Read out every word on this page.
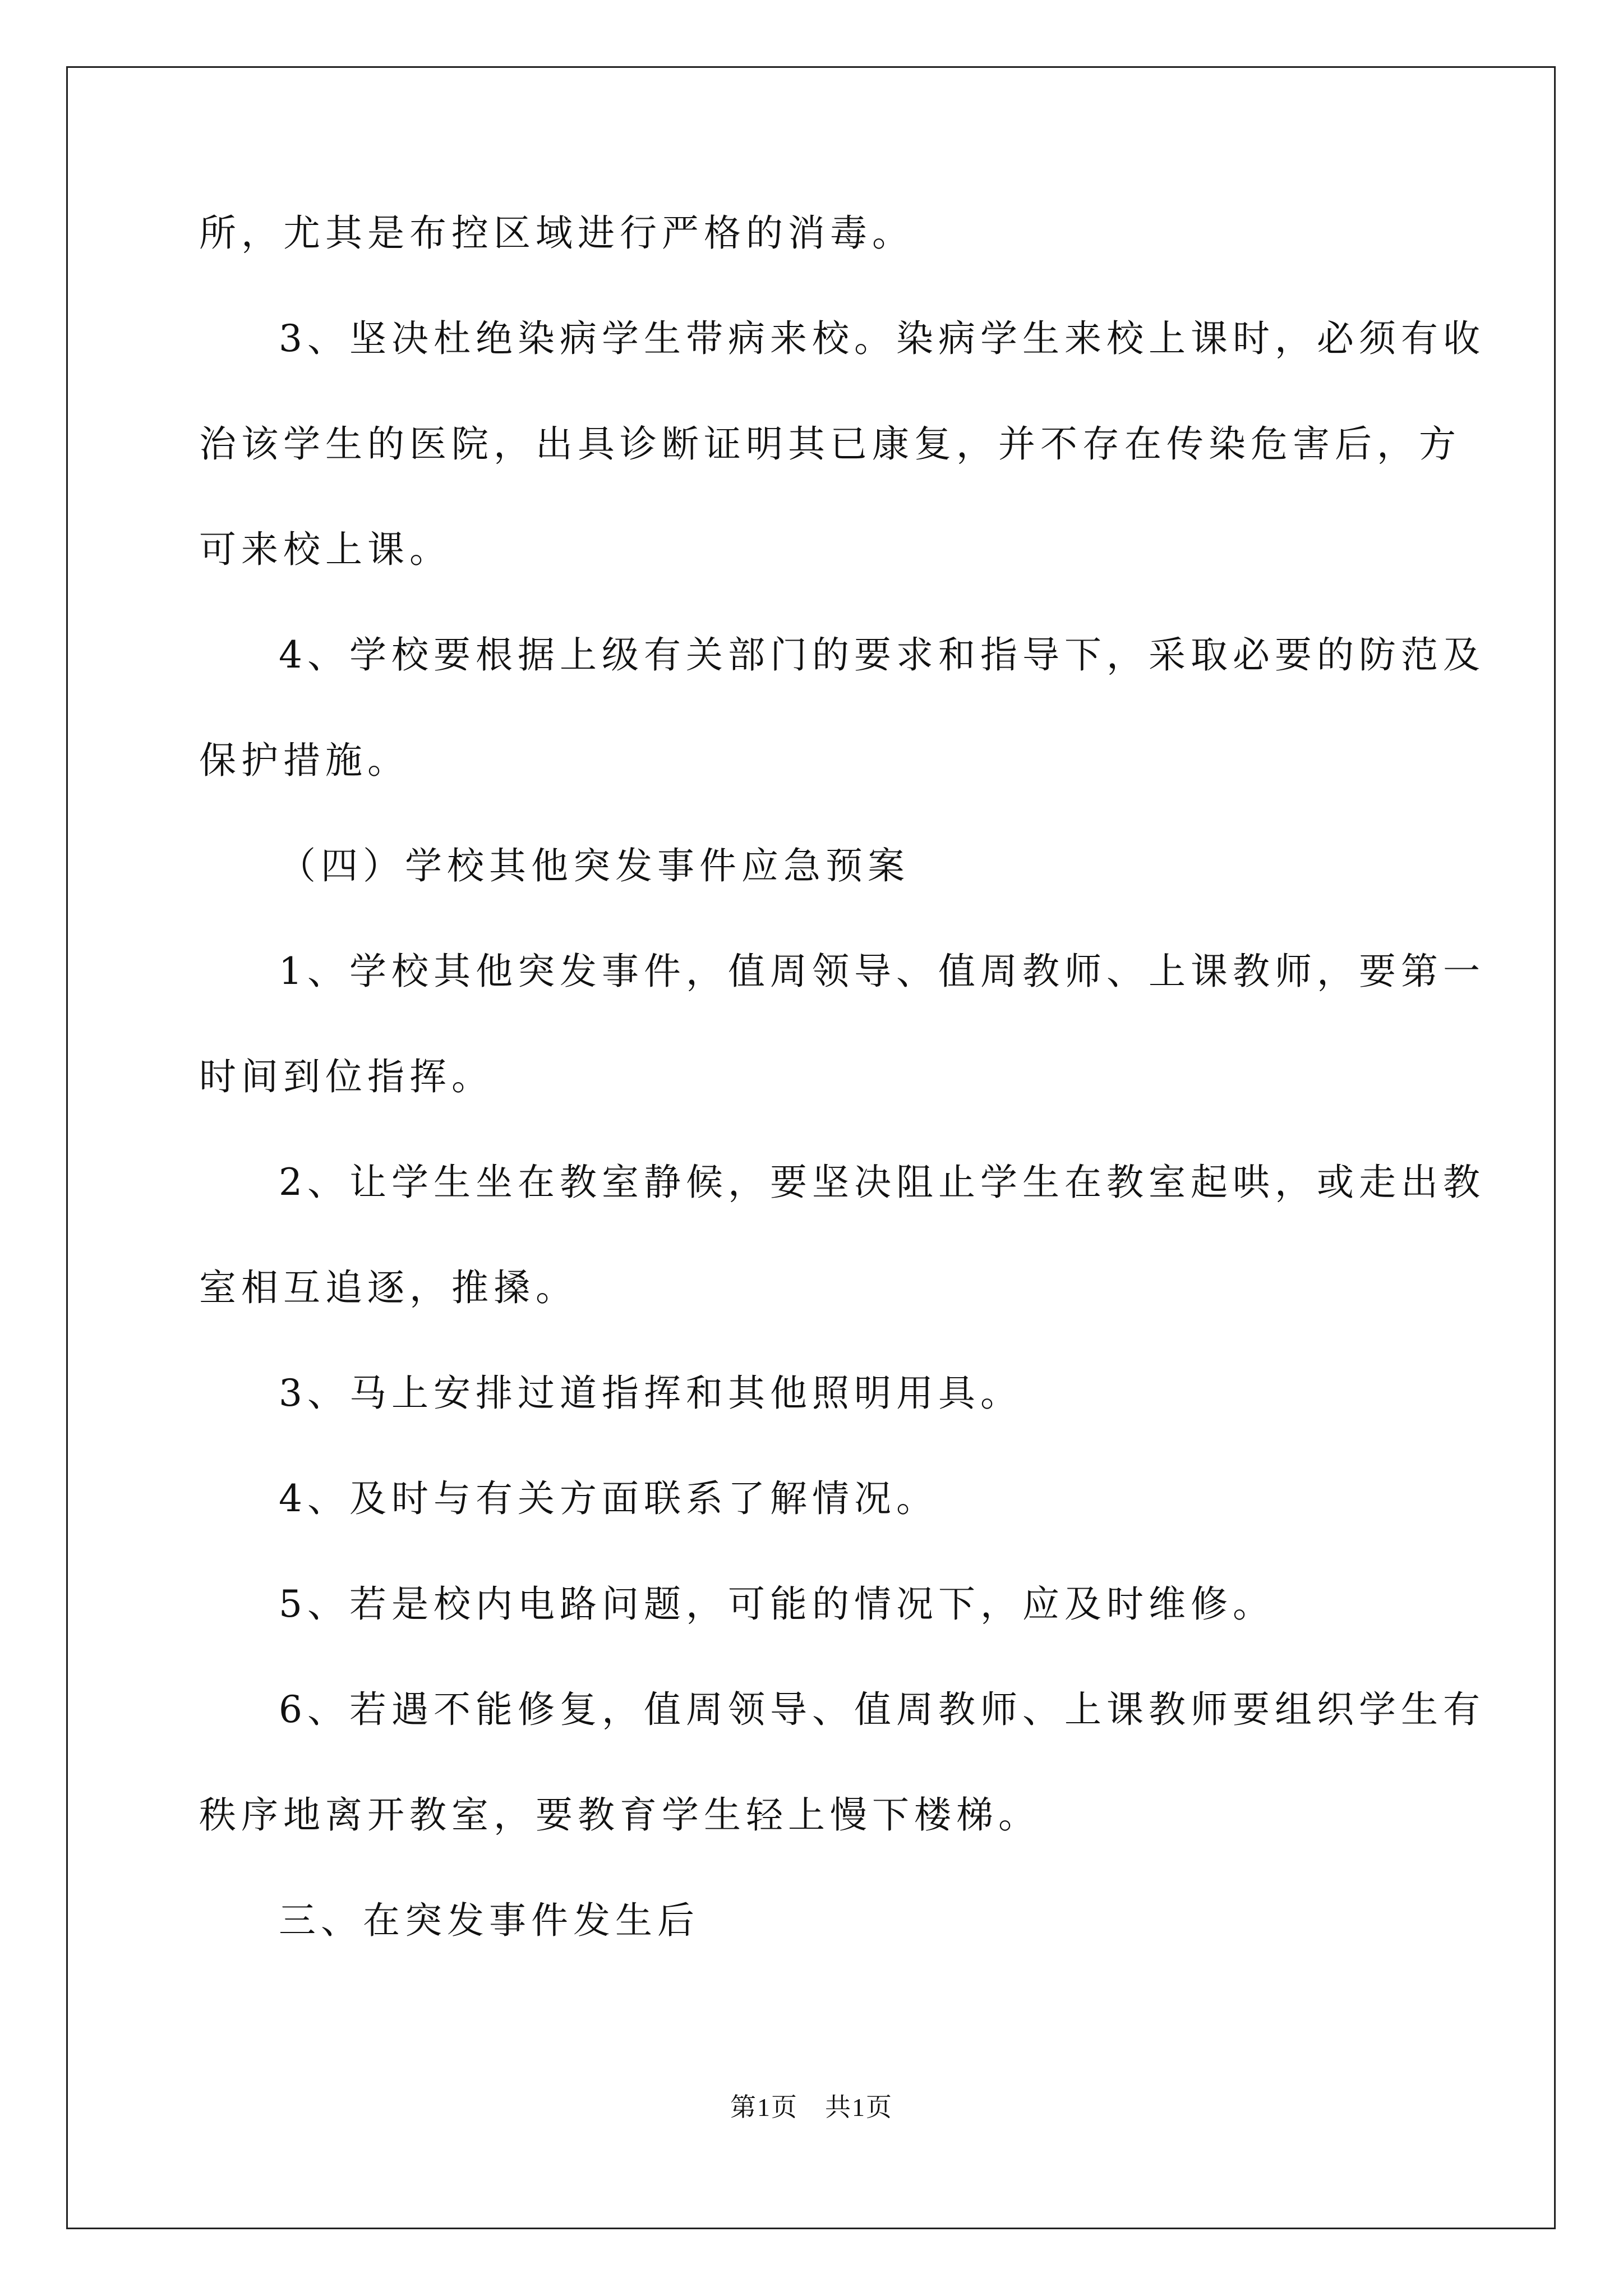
所，尤其是布控区域进行严格的消毒。

3、坚决杜绝染病学生带病来校。染病学生来校上课时，必须有收
治该学生的医院，出具诊断证明其已康复，并不存在传染危害后，方
可来校上课。

4、学校要根据上级有关部门的要求和指导下，采取必要的防范及
保护措施。

（四）学校其他突发事件应急预案

1、学校其他突发事件，值周领导、值周教师、上课教师，要第一
时间到位指挥。

2、让学生坐在教室静候，要坚决阻止学生在教室起哄，或走出教
室相互追逐，推搡。

3、马上安排过道指挥和其他照明用具。

4、及时与有关方面联系了解情况。

5、若是校内电路问题，可能的情况下，应及时维修。

6、若遇不能修复，值周领导、值周教师、上课教师要组织学生有
秩序地离开教室，要教育学生轻上慢下楼梯。

三、在突发事件发生后

第1页　共1页
